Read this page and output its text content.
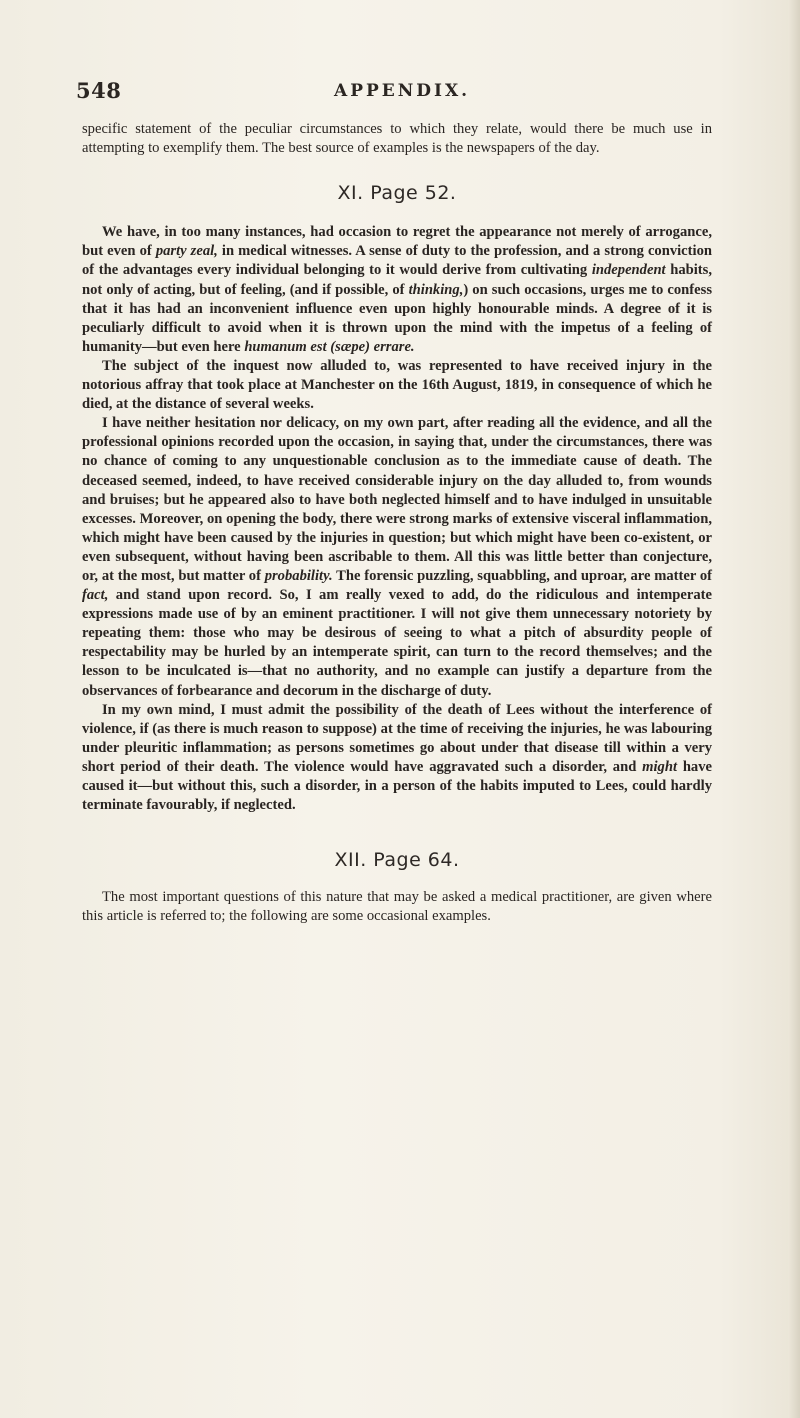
548	APPENDIX.

specific statement of the peculiar circumstances to which they relate, would there be much use in attempting to exemplify them. The best source of examples is the newspapers of the day.

XI. Page 52.

We have, in too many instances, had occasion to regret the appearance not merely of arrogance, but even of party zeal, in medical witnesses. A sense of duty to the profession, and a strong conviction of the advantages every individual belonging to it would derive from cultivating independent habits, not only of acting, but of feeling, (and if possible, of thinking,) on such occasions, urges me to confess that it has had an inconvenient influence even upon highly honourable minds. A degree of it is peculiarly difficult to avoid when it is thrown upon the mind with the impetus of a feeling of humanity—but even here humanum est (sæpe) errare.

The subject of the inquest now alluded to, was represented to have received injury in the notorious affray that took place at Manchester on the 16th August, 1819, in consequence of which he died, at the distance of several weeks.

I have neither hesitation nor delicacy, on my own part, after reading all the evidence, and all the professional opinions recorded upon the occasion, in saying that, under the circumstances, there was no chance of coming to any unquestionable conclusion as to the immediate cause of death. The deceased seemed, indeed, to have received considerable injury on the day alluded to, from wounds and bruises; but he appeared also to have both neglected himself and to have indulged in unsuitable excesses. Moreover, on opening the body, there were strong marks of extensive visceral inflammation, which might have been caused by the injuries in question; but which might have been co-existent, or even subsequent, without having been ascribable to them. All this was little better than conjecture, or, at the most, but matter of probability. The forensic puzzling, squabbling, and uproar, are matter of fact, and stand upon record. So, I am really vexed to add, do the ridiculous and intemperate expressions made use of by an eminent practitioner. I will not give them unnecessary notoriety by repeating them: those who may be desirous of seeing to what a pitch of absurdity people of respectability may be hurled by an intemperate spirit, can turn to the record themselves; and the lesson to be inculcated is—that no authority, and no example can justify a departure from the observances of forbearance and decorum in the discharge of duty.

In my own mind, I must admit the possibility of the death of Lees without the interference of violence, if (as there is much reason to suppose) at the time of receiving the injuries, he was labouring under pleuritic inflammation; as persons sometimes go about under that disease till within a very short period of their death. The violence would have aggravated such a disorder, and might have caused it—but without this, such a disorder, in a person of the habits imputed to Lees, could hardly terminate favourably, if neglected.

XII. Page 64.

The most important questions of this nature that may be asked a medical practitioner, are given where this article is referred to; the following are some occasional examples.
